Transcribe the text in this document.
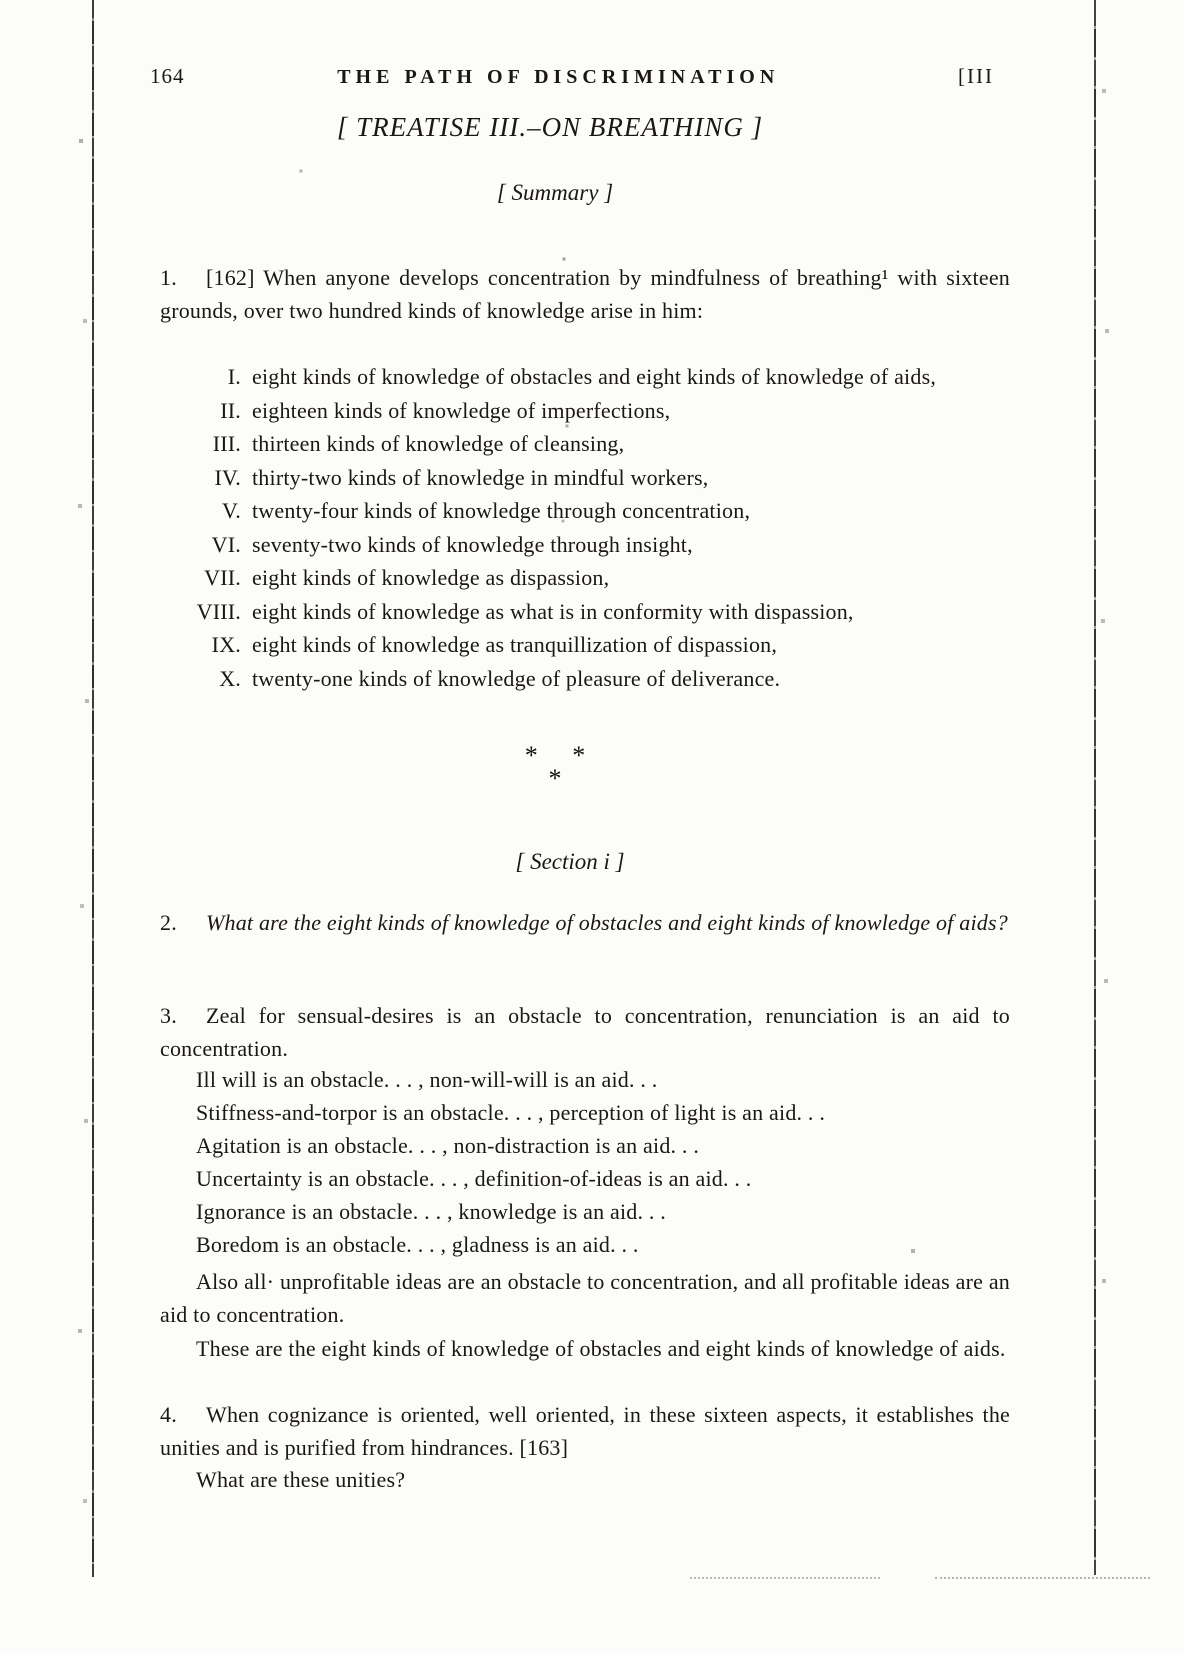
164	THE PATH OF DISCRIMINATION	[III
[ TREATISE III.–ON BREATHING ]
[ Summary ]
1. [162] When anyone develops concentration by mindfulness of breathing¹ with sixteen grounds, over two hundred kinds of knowledge arise in him:
I. eight kinds of knowledge of obstacles and eight kinds of knowledge of aids,
II. eighteen kinds of knowledge of imperfections,
III. thirteen kinds of knowledge of cleansing,
IV. thirty-two kinds of knowledge in mindful workers,
V. twenty-four kinds of knowledge through concentration,
VI. seventy-two kinds of knowledge through insight,
VII. eight kinds of knowledge as dispassion,
VIII. eight kinds of knowledge as what is in conformity with dispassion,
IX. eight kinds of knowledge as tranquillization of dispassion,
X. twenty-one kinds of knowledge of pleasure of deliverance.
* *
*
[ Section i ]
2. What are the eight kinds of knowledge of obstacles and eight kinds of knowledge of aids?
3. Zeal for sensual-desires is an obstacle to concentration, renunciation is an aid to concentration.
Ill will is an obstacle. . . , non-will-will is an aid. . .
Stiffness-and-torpor is an obstacle. . . , perception of light is an aid. . .
Agitation is an obstacle. . . , non-distraction is an aid. . .
Uncertainty is an obstacle. . . , definition-of-ideas is an aid. . .
Ignorance is an obstacle. . . , knowledge is an aid. . .
Boredom is an obstacle. . . , gladness is an aid. . .
Also all· unprofitable ideas are an obstacle to concentration, and all profitable ideas are an aid to concentration.
These are the eight kinds of knowledge of obstacles and eight kinds of knowledge of aids.
4. When cognizance is oriented, well oriented, in these sixteen aspects, it establishes the unities and is purified from hindrances. [163]
What are these unities?
